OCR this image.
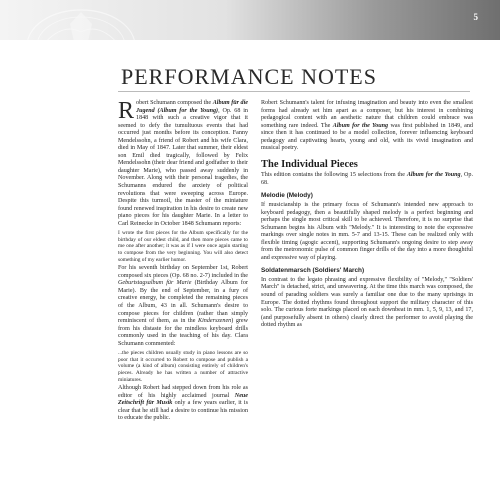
5
PERFORMANCE NOTES

Robert Schumann composed the Album für die Jugend (Album for the Young), Op. 68 in 1848 with such a creative vigor that it seemed to defy the tumultuous events that had occurred just months before its conception. Fanny Mendelssohn, a friend of Robert and his wife Clara, died in May of 1847. Later that summer, their eldest son Emil died tragically, followed by Felix Mendelssohn (their dear friend and godfather to their daughter Marie), who passed away suddenly in November. Along with their personal tragedies, the Schumanns endured the anxiety of political revolutions that were sweeping across Europe. Despite this turmoil, the master of the miniature found renewed inspiration in his desire to create new piano pieces for his daughter Marie. In a letter to Carl Reinecke in October 1848 Schumann reports:

I wrote the first pieces for the Album specifically for the birthday of our eldest child, and then more pieces came to me one after another; it was as if I were once again starting to compose from the very beginning. You will also detect something of my earlier humor.

For his seventh birthday on September 1st, Robert composed six pieces (Op. 68 no. 2-7) included in the Geburtstagsalbum für Marie (Birthday Album for Marie). By the end of September, in a fury of creative energy, he completed the remaining pieces of the Album, 43 in all. Schumann's desire to compose pieces for children (rather than simply reminiscent of them, as in the Kinderszenen) grew from his distaste for the mindless keyboard drills commonly used in the teaching of his day. Clara Schumann commented:

...the pieces children usually study in piano lessons are so poor that it occurred to Robert to compose and publish a volume (a kind of album) consisting entirely of children's pieces. Already he has written a number of attractive miniatures.

Although Robert had stepped down from his role as editor of his highly acclaimed journal Neue Zeitschrift für Musik only a few years earlier, it is clear that he still had a desire to continue his mission to educate the public.

Robert Schumann's talent for infusing imagination and beauty into even the smallest forms had already set him apart as a composer, but his interest in combining pedagogical content with an aesthetic nature that children could embrace was something rare indeed. The Album for the Young was first published in 1849, and since then it has continued to be a model collection, forever influencing keyboard pedagogy and captivating hearts, young and old, with its vivid imagination and musical poetry.

The Individual Pieces

This edition contains the following 15 selections from the Album for the Young, Op. 68.

Melodie (Melody)

If musicianship is the primary focus of Schumann's intended new approach to keyboard pedagogy, then a beautifully shaped melody is a perfect beginning and perhaps the single most critical skill to be achieved. Therefore, it is no surprise that Schumann begins his Album with "Melody." It is interesting to note the expressive markings over single notes in mm. 5-7 and 13-15. These can be realized only with flexible timing (agogic accent), supporting Schumann's ongoing desire to step away from the metronomic pulse of common finger drills of the day into a more thoughtful and expressive way of playing.

Soldatenmarsch (Soldiers' March)

In contrast to the legato phrasing and expressive flexibility of "Melody," "Soldiers' March" is detached, strict, and unwavering. At the time this march was composed, the sound of parading soldiers was surely a familiar one due to the many uprisings in Europe. The dotted rhythms found throughout support the military character of this solo. The curious forte markings placed on each downbeat in mm. 1, 5, 9, 13, and 17, (and purposefully absent in others) clearly direct the performer to avoid playing the dotted rhythm as
